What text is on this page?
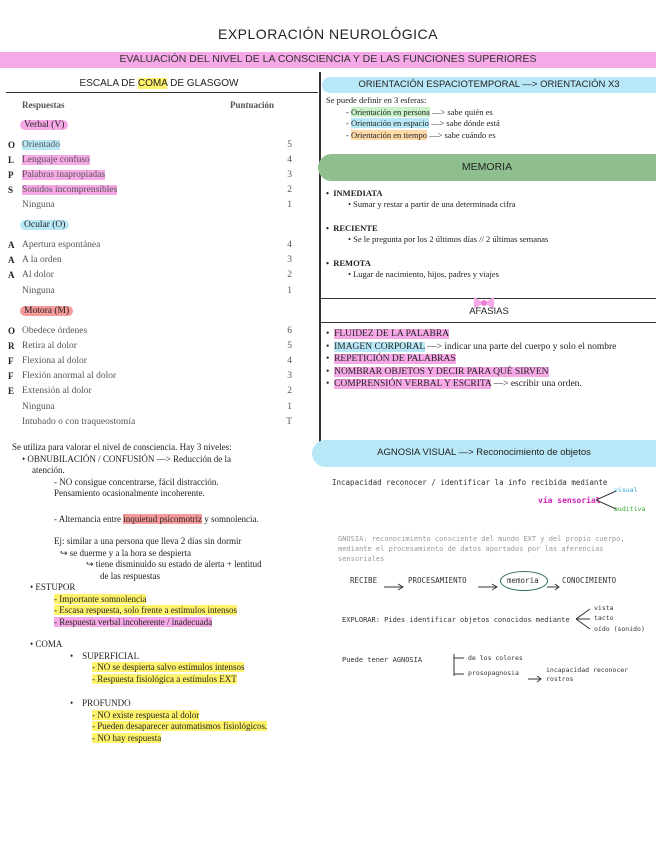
EXPLORACIÓN NEUROLÓGICA
EVALUACIÓN DEL NIVEL DE LA CONSCIENCIA Y DE LAS FUNCIONES SUPERIORES
ESCALA DE COMA DE GLASGOW
Respuestas	Puntuación
Verbal (V)
O Orientado	5
L Lenguaje confuso	4
P Palabras inapropiadas	3
S Sonidos incomprensibles	2
Ninguna	1
Ocular (O)
A Apertura espontánea	4
A A la orden	3
A Al dolor	2
Ninguna	1
Motora (M)
O Obedece órdenes	6
R Retira al dolor	5
F Flexiona al dolor	4
F Flexión anormal al dolor	3
E Extensión al dolor	2
Ninguna	1
Intubado o con traqueostomía	T
Se utiliza para valorar el nivel de consciencia. Hay 3 niveles:
• OBNUBILACIÓN / CONFUSIÓN —> Reducción de la
atención.
- NO consigue concentrarse, fácil distracción.
Pensamiento ocasionalmente incoherente.
- Alternancia entre inquietud psicomotriz y somnolencia.
Ej: similar a una persona que lleva 2 días sin dormir
↪ se duerme y a la hora se despierta
↪ tiene disminuido su estado de alerta + lentitud
de las respuestas
• ESTUPOR
- Importante somnolencia
- Escasa respuesta, solo frente a estímulos intensos
- Respuesta verbal incoherente / inadecuada
• COMA
•    SUPERFICIAL
- NO se despierta salvo estímulos intensos
- Respuesta fisiológica a estímulos EXT
•    PROFUNDO
- NO existe respuesta al dolor
- Pueden desaparecer automatismos fisiológicos.
- NO hay respuesta
ORIENTACIÓN ESPACIOTEMPORAL —> ORIENTACIÓN X3
Se puede definir en 3 esferas:
- Orientación en persona —> sabe quién es
- Orientación en espacio —> sabe dónde está
- Orientación en tiempo —> sabe cuándo es
MEMORIA
•  INMEDIATA
• Sumar y restar a partir de una determinada cifra
•  RECIENTE
• Se le pregunta por los 2 últimos días // 2 últimas semanas
•  REMOTA
• Lugar de nacimiento, hijos, padres y viajes
AFASIAS
•  FLUIDEZ DE LA PALABRA
•  IMAGEN CORPORAL —> indicar una parte del cuerpo y solo el nombre
•  REPETICIÓN DE PALABRAS
•  NOMBRAR OBJETOS Y DECIR PARA QUÉ SIRVEN
•  COMPRENSIÓN VERBAL Y ESCRITA —> escribir una orden.
AGNOSIA VISUAL —> Reconocimiento de objetos
Incapacidad reconocer / identificar la info recibida mediante
vía sensorial
visual
auditiva
GNOSIA: reconocimiento consciente del mundo EXT y del propio cuerpo, mediante el procesamiento de datos aportados por las aferencias sensoriales
RECIBE	PROCESAMIENTO	memoria	CONOCIMIENTO
EXPLORAR: Pides identificar objetos conocidos mediante
vista
tacto
oído (sonido)
Puede tener AGNOSIA	de los colores
prosopagnosia	incapacidad reconocer rostros
